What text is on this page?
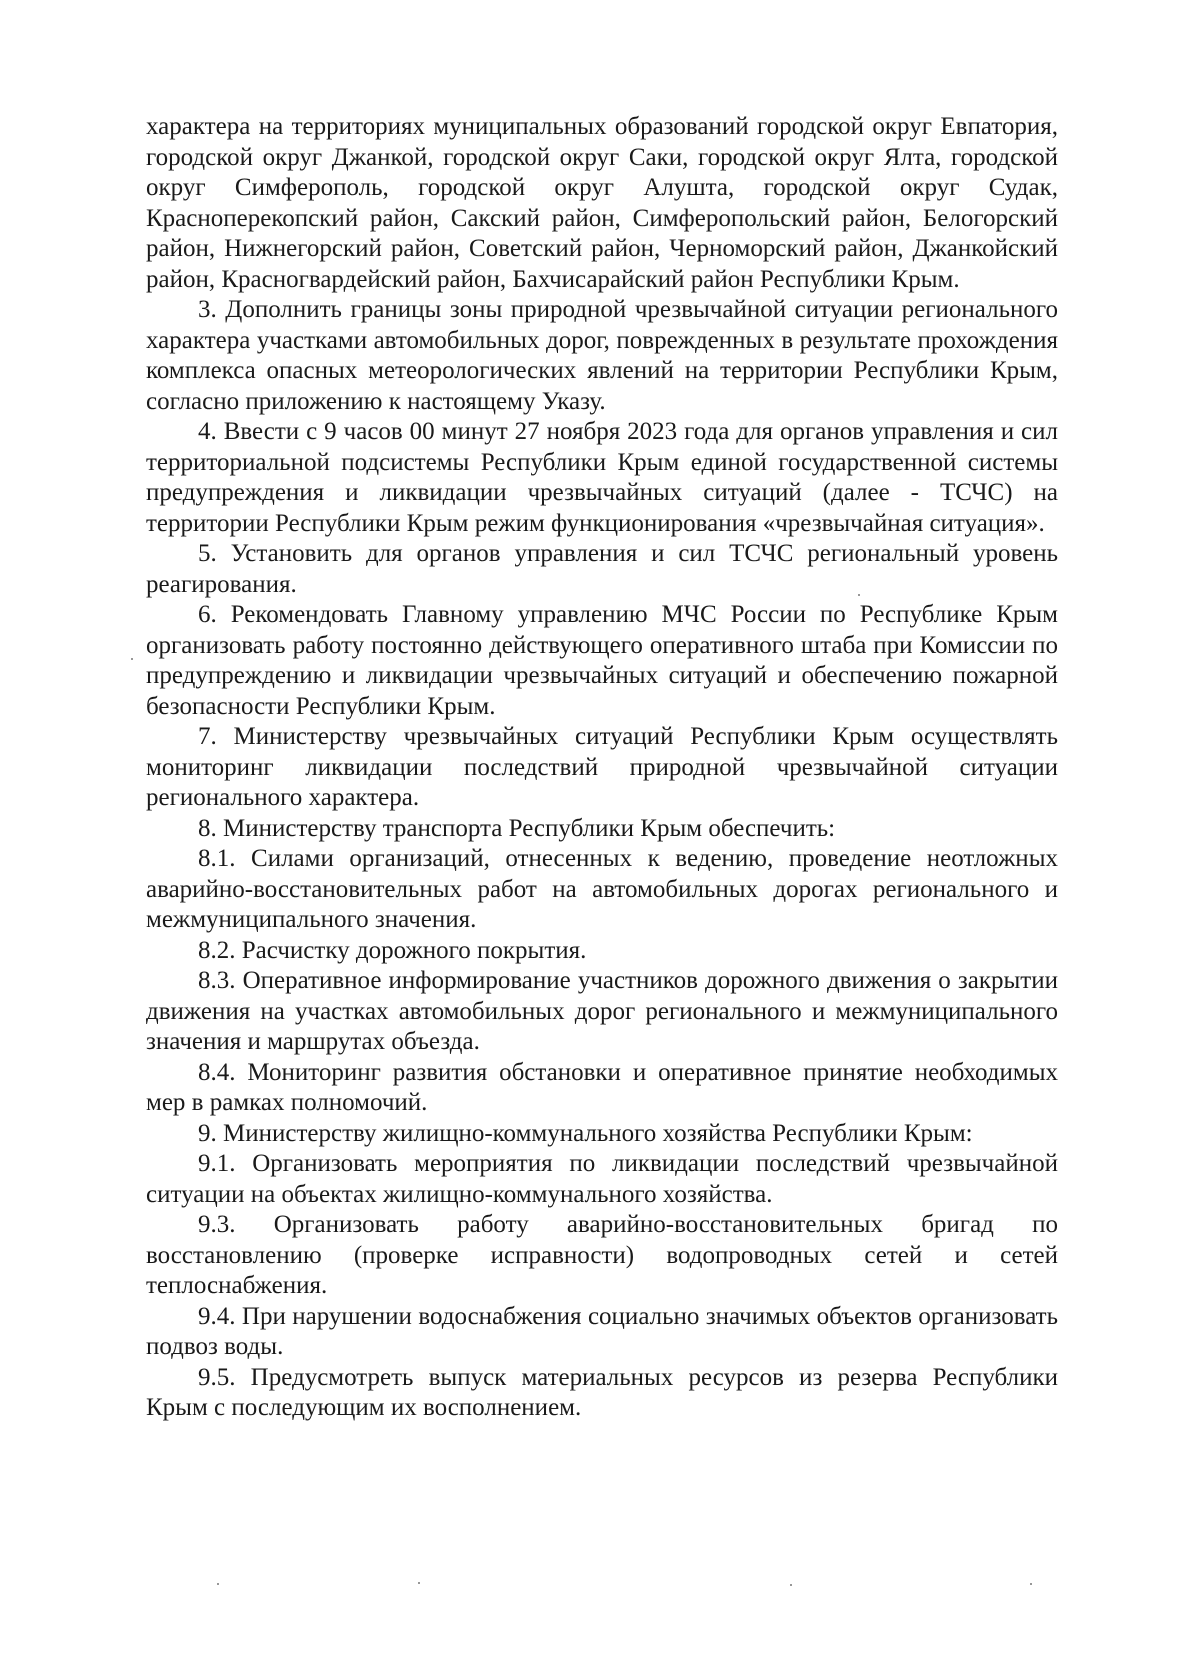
характера на территориях муниципальных образований городской округ Евпатория, городской округ Джанкой, городской округ Саки, городской округ Ялта, городской округ Симферополь, городской округ Алушта, городской округ Судак, Красноперекопский район, Сакский район, Симферопольский район, Белогорский район, Нижнегорский район, Советский район, Черноморский район, Джанкойский район, Красногвардейский район, Бахчисарайский район Республики Крым.

3. Дополнить границы зоны природной чрезвычайной ситуации регионального характера участками автомобильных дорог, поврежденных в результате прохождения комплекса опасных метеорологических явлений на территории Республики Крым, согласно приложению к настоящему Указу.

4. Ввести с 9 часов 00 минут 27 ноября 2023 года для органов управления и сил территориальной подсистемы Республики Крым единой государственной системы предупреждения и ликвидации чрезвычайных ситуаций (далее - ТСЧС) на территории Республики Крым режим функционирования «чрезвычайная ситуация».

5. Установить для органов управления и сил ТСЧС региональный уровень реагирования.

6. Рекомендовать Главному управлению МЧС России по Республике Крым организовать работу постоянно действующего оперативного штаба при Комиссии по предупреждению и ликвидации чрезвычайных ситуаций и обеспечению пожарной безопасности Республики Крым.

7. Министерству чрезвычайных ситуаций Республики Крым осуществлять мониторинг ликвидации последствий природной чрезвычайной ситуации регионального характера.

8. Министерству транспорта Республики Крым обеспечить:

8.1. Силами организаций, отнесенных к ведению, проведение неотложных аварийно-восстановительных работ на автомобильных дорогах регионального и межмуниципального значения.

8.2. Расчистку дорожного покрытия.

8.3. Оперативное информирование участников дорожного движения о закрытии движения на участках автомобильных дорог регионального и межмуниципального значения и маршрутах объезда.

8.4. Мониторинг развития обстановки и оперативное принятие необходимых мер в рамках полномочий.

9. Министерству жилищно-коммунального хозяйства Республики Крым:

9.1. Организовать мероприятия по ликвидации последствий чрезвычайной ситуации на объектах жилищно-коммунального хозяйства.

9.3. Организовать работу аварийно-восстановительных бригад по восстановлению (проверке исправности) водопроводных сетей и сетей теплоснабжения.

9.4. При нарушении водоснабжения социально значимых объектов организовать подвоз воды.

9.5. Предусмотреть выпуск материальных ресурсов из резерва Республики Крым с последующим их восполнением.
